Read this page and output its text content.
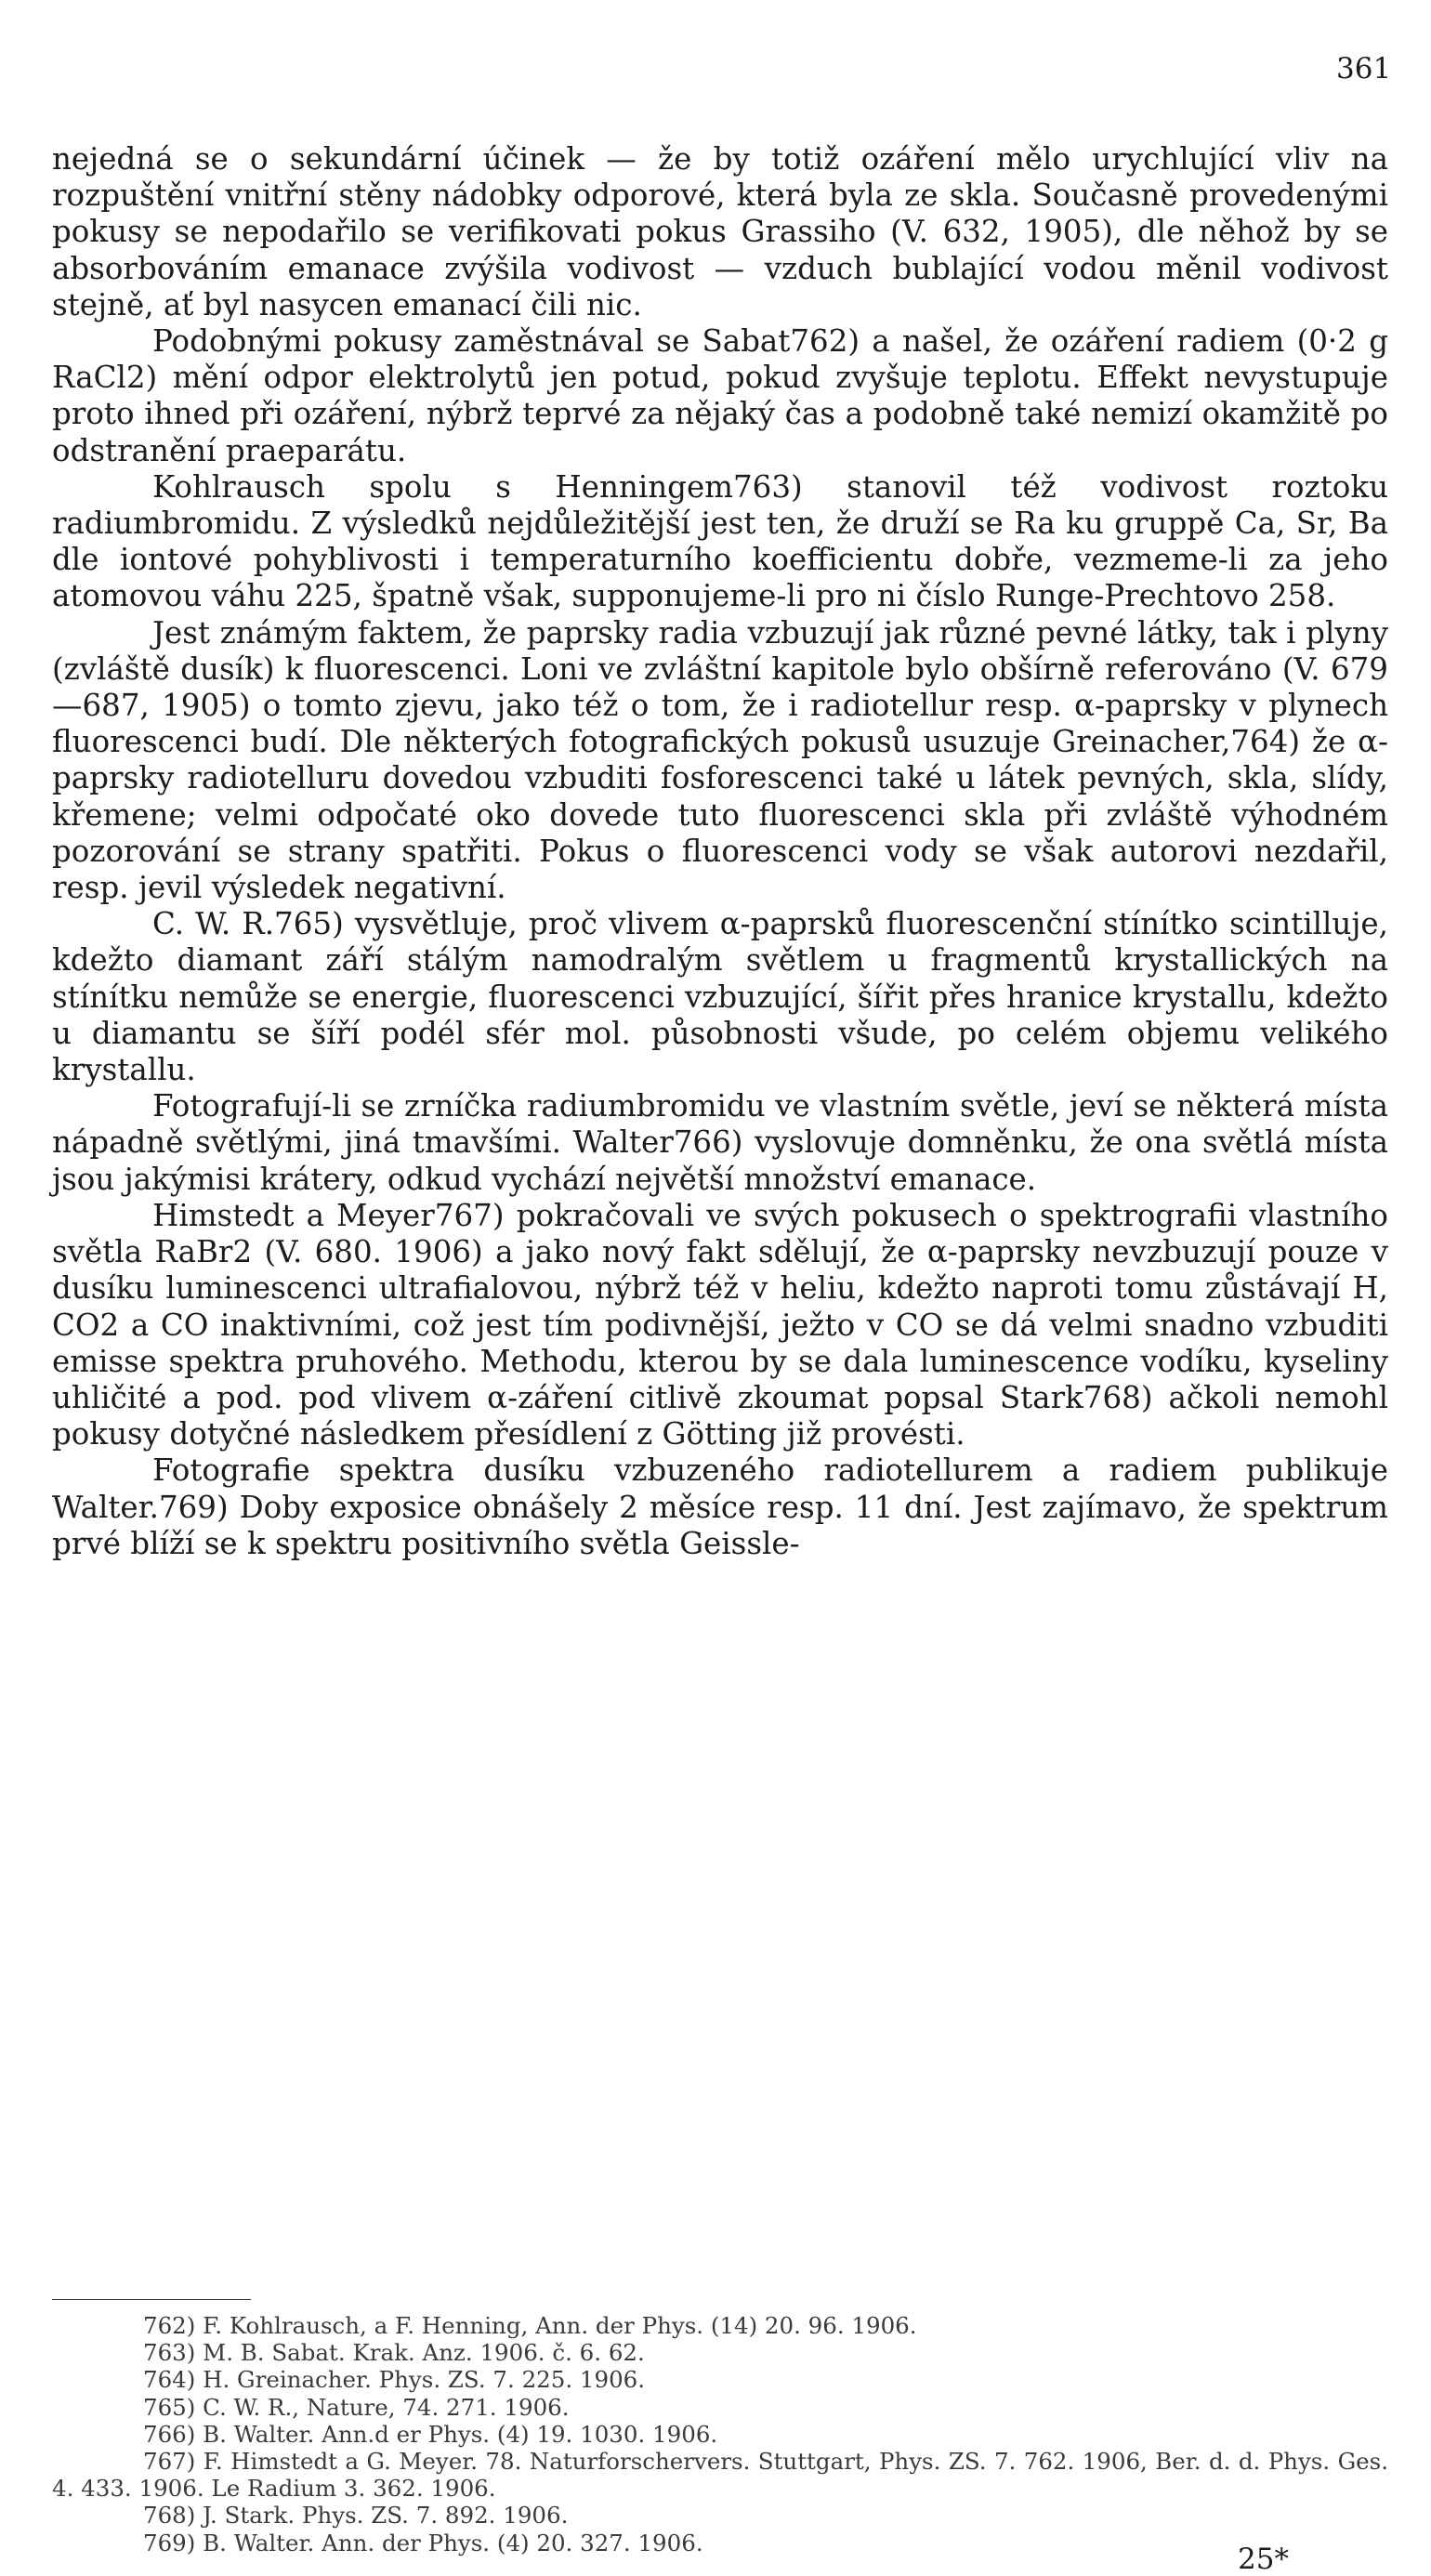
361

nejedná se o sekundární účinek — že by totiž ozáření mělo urychlující vliv na rozpuštění vnitřní stěny nádobky odporové, která byla ze skla. Současně provedenými pokusy se nepodařilo se verifikovati pokus Grassiho (V. 632, 1905), dle něhož by se absorbováním emanace zvýšila vodivost — vzduch bublající vodou měnil vodivost stejně, ať byl nasycen emanací čili nic.

Podobnými pokusy zaměstnával se Sabat762) a našel, že ozáření radiem (0·2 g RaCl2) mění odpor elektrolytů jen potud, pokud zvyšuje teplotu. Effekt nevystupuje proto ihned při ozáření, nýbrž teprvé za nějaký čas a podobně také nemizí okamžitě po odstranění praeparátu.

Kohlrausch spolu s Henningem763) stanovil též vodivost roztoku radiumbromidu. Z výsledků nejdůležitější jest ten, že druží se Ra ku gruppě Ca, Sr, Ba dle iontové pohyblivosti i temperaturního koefficientu dobře, vezmeme-li za jeho atomovou váhu 225, špatně však, supponujeme-li pro ni číslo Runge-Prechtovo 258.

Jest známým faktem, že paprsky radia vzbuzují jak různé pevné látky, tak i plyny (zvláště dusík) k fluorescenci. Loni ve zvláštní kapitole bylo obšírně referováno (V. 679—687, 1905) o tomto zjevu, jako též o tom, že i radiotellur resp. α-paprsky v plynech fluorescenci budí. Dle některých fotografických pokusů usuzuje Greinacher,764) že α-paprsky radiotelluru dovedou vzbuditi fosforescenci také u látek pevných, skla, slídy, křemene; velmi odpočaté oko dovede tuto fluorescenci skla při zvláště výhodném pozorování se strany spatřiti. Pokus o fluorescenci vody se však autorovi nezdařil, resp. jevil výsledek negativní.

C. W. R.765) vysvětluje, proč vlivem α-paprsků fluorescenční stínítko scintilluje, kdežto diamant září stálým namodralým světlem u fragmentů krystallických na stínítku nemůže se energie, fluorescenci vzbuzující, šířit přes hranice krystallu, kdežto u diamantu se šíří podél sfér mol. působnosti všude, po celém objemu velikého krystallu.

Fotografují-li se zrníčka radiumbromidu ve vlastním světle, jeví se některá místa nápadně světlými, jiná tmavšími. Walter766) vyslovuje domněnku, že ona světlá místa jsou jakýmisi krátery, odkud vychází největší množství emanace.

Himstedt a Meyer767) pokračovali ve svých pokusech o spektrografii vlastního světla RaBr2 (V. 680. 1906) a jako nový fakt sdělují, že α-paprsky nevzbuzují pouze v dusíku luminescenci ultrafialovou, nýbrž též v heliu, kdežto naproti tomu zůstávají H, CO2 a CO inaktivními, což jest tím podivnější, ježto v CO se dá velmi snadno vzbuditi emisse spektra pruhového. Methodu, kterou by se dala luminescence vodíku, kyseliny uhličité a pod. pod vlivem α-záření citlivě zkoumat popsal Stark768) ačkoli nemohl pokusy dotyčné následkem přesídlení z Götting již provésti.

Fotografie spektra dusíku vzbuzeného radiotellurem a radiem publikuje Walter.769) Doby exposice obnášely 2 měsíce resp. 11 dní. Jest zajímavo, že spektrum prvé blíží se k spektru positivního světla Geissle-

762) F. Kohlrausch, a F. Henning, Ann. der Phys. (14) 20. 96. 1906.

763) M. B. Sabat. Krak. Anz. 1906. č. 6. 62.

764) H. Greinacher. Phys. ZS. 7. 225. 1906.

765) C. W. R., Nature, 74. 271. 1906.

766) B. Walter. Ann.d er Phys. (4) 19. 1030. 1906.

767) F. Himstedt a G. Meyer. 78. Naturforschervers. Stuttgart, Phys. ZS. 7. 762. 1906, Ber. d. d. Phys. Ges. 4. 433. 1906. Le Radium 3. 362. 1906.

768) J. Stark. Phys. ZS. 7. 892. 1906.

769) B. Walter. Ann. der Phys. (4) 20. 327. 1906.	25*
